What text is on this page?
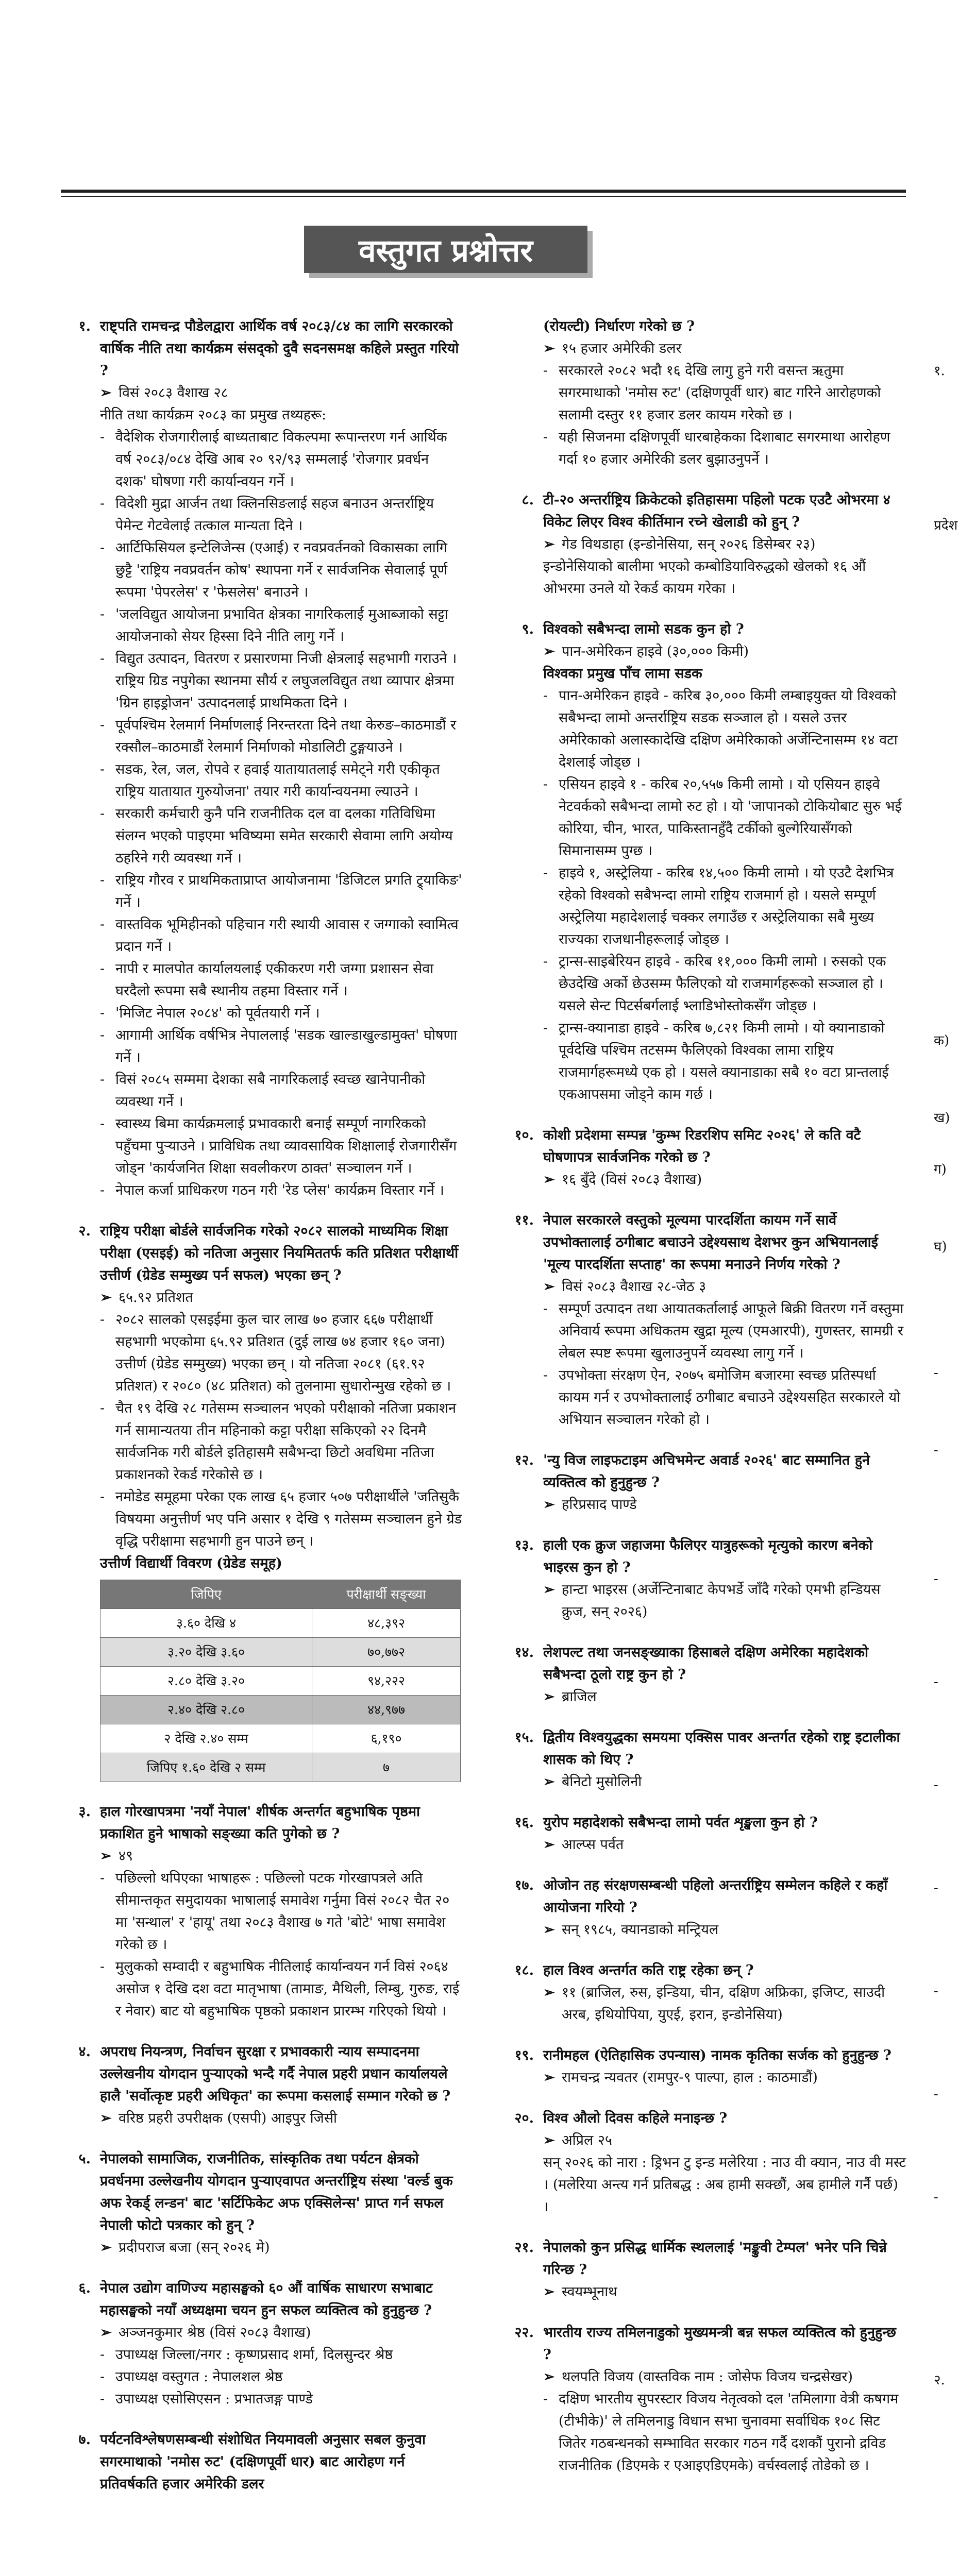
वस्तुगत प्रश्नोत्तर
१. राष्ट्पति रामचन्द्र पौडेलद्वारा आर्थिक वर्ष २०८३/८४ का लागि सरकारको वार्षिक नीति तथा कार्यक्रम संसद्‌को दुवै सदनसमक्ष कहिले प्रस्तुत गरियो ?
➢ विसं २०८३ वैशाख २८
नीति तथा कार्यक्रम २०८३ का प्रमुख तथ्यहरू:
- वैदेशिक रोजगारीलाई बाध्यताबाट विकल्पमा रूपान्तरण गर्न आर्थिक वर्ष २०८३/०८४ देखि आब २० ९२/९३ सम्मलाई 'रोजगार प्रवर्धन दशक' घोषणा गरी कार्यान्वयन गर्ने ।
- विदेशी मुद्रा आर्जन तथा क्लिनसिङलाई सहज बनाउन अन्तर्राष्ट्रिय पेमेन्ट गेटवेलाई तत्काल मान्यता दिने ।
- आर्टिफिसियल इन्टेलिजेन्स (एआई) र नवप्रवर्तनको विकासका लागि छुट्टै 'राष्ट्रिय नवप्रवर्तन कोष' स्थापना गर्ने र सार्वजनिक सेवालाई पूर्ण रूपमा 'पेपरलेस' र 'फेसलेस' बनाउने ।
- 'जलविद्युत आयोजना प्रभावित क्षेत्रका नागरिकलाई मुआब्जाको सट्टा आयोजनाको सेयर हिस्सा दिने नीति लागु गर्ने ।
- विद्युत उत्पादन, वितरण र प्रसारणमा निजी क्षेत्रलाई सहभागी गराउने । राष्ट्रिय ग्रिड नपुगेका स्थानमा सौर्य र लघुजलविद्युत तथा व्यापार क्षेत्रमा 'ग्रिन हाइड्रोजन' उत्पादनलाई प्राथमिकता दिने ।
- पूर्वपश्चिम रेलमार्ग निर्माणलाई निरन्तरता दिने तथा केरुङ–काठमाडौं र रक्सौल–काठमाडौं रेलमार्ग निर्माणको मोडालिटी टुङ्गयाउने ।
- सडक, रेल, जल, रोपवे र हवाई यातायातलाई समेट्ने गरी एकीकृत राष्ट्रिय यातायात गुरुयोजना' तयार गरी कार्यान्वयनमा ल्याउने ।
- सरकारी कर्मचारी कुनै पनि राजनीतिक दल वा दलका गतिविधिमा संलग्न भएको पाइएमा भविष्यमा समेत सरकारी सेवामा लागि अयोग्य ठहरिने गरी व्यवस्था गर्ने ।
- राष्ट्रिय गौरव र प्राथमिकताप्राप्त आयोजनामा 'डिजिटल प्रगति ट्र्याकिङ' गर्ने ।
- वास्तविक भूमिहीनको पहिचान गरी स्थायी आवास र जग्गाको स्वामित्व प्रदान गर्ने ।
- नापी र मालपोत कार्यालयलाई एकीकरण गरी जग्गा प्रशासन सेवा घरदैलो रूपमा सबै स्थानीय तहमा विस्तार गर्ने ।
- 'मिजिट नेपाल २०८४' को पूर्वतयारी गर्ने ।
- आगामी आर्थिक वर्षभित्र नेपाललाई 'सडक खाल्डाखुल्डामुक्त' घोषणा गर्ने ।
- विसं २०८५ सम्ममा देशका सबै नागरिकलाई स्वच्छ खानेपानीको व्यवस्था गर्ने ।
- स्वास्थ्य बिमा कार्यक्रमलाई प्रभावकारी बनाई सम्पूर्ण नागरिकको पहुँचमा पुऱ्याउने । प्राविधिक तथा व्यावसायिक शिक्षालाई रोजगारीसँग जोड्न 'कार्यजनित शिक्षा सवलीकरण ठाक्त' सञ्चालन गर्ने ।
- नेपाल कर्जा प्राधिकरण गठन गरी 'रेड प्लेस' कार्यक्रम विस्तार गर्ने ।
२. राष्ट्रिय परीक्षा बोर्डले सार्वजनिक गरेको २०८२ सालको माध्यमिक शिक्षा परीक्षा (एसइई) को नतिजा अनुसार नियमिततर्फ कति प्रतिशत परीक्षार्थी उत्तीर्ण (ग्रेडेड सम्मुख्य पर्न सफल) भएका छन् ?
➢ ६५.९२ प्रतिशत
- २०८२ सालको एसइईमा कुल चार लाख ७० हजार ६६७ परीक्षार्थी सहभागी भएकोमा ६५.९२ प्रतिशत (दुई लाख ७४ हजार १६० जना) उत्तीर्ण (ग्रेडेड सम्मुख्य) भएका छन् । यो नतिजा २०८१ (६१.९२ प्रतिशत) र २०८० (४८ प्रतिशत) को तुलनामा सुधारोन्मुख रहेको छ ।
- चैत १९ देखि २८ गतेसम्म सञ्चालन भएको परीक्षाको नतिजा प्रकाशन गर्न सामान्यतया तीन महिनाको कट्टा परीक्षा सकिएको २२ दिनमै सार्वजनिक गरी बोर्डले इतिहासमै सबैभन्दा छिटो अवधिमा नतिजा प्रकाशनको रेकर्ड गरेकोसे छ ।
- नमोडेड समूहमा परेका एक लाख ६५ हजार ५०७ परीक्षार्थीले 'जतिसुकै विषयमा अनुत्तीर्ण भए पनि असार १ देखि ९ गतेसम्म सञ्चालन हुने ग्रेड वृद्धि परीक्षामा सहभागी हुन पाउने छन् ।
उत्तीर्ण विद्यार्थी विवरण (ग्रेडेड समूह)
जिपिए	परीक्षार्थी सङ्ख्या
३.६० देखि ४	४८,३९२
३.२० देखि ३.६०	७०,७७२
२.८० देखि ३.२०	९४,२२२
२.४० देखि २.८०	४४,९७७
२ देखि २.४० सम्म	६,१९०
जिपिए १.६० देखि २ सम्म	७
३. हाल गोरखापत्रमा 'नयाँ नेपाल' शीर्षक अन्तर्गत बहुभाषिक पृष्ठमा प्रकाशित हुने भाषाको सङ्ख्या कति पुगेको छ ?
➢ ४९
- पछिल्लो थपिएका भाषाहरू : पछिल्लो पटक गोरखापत्रले अति सीमान्तकृत समुदायका भाषालाई समावेश गर्नुमा विसं २०८२ चैत २० मा 'सन्थाल' र 'हायू' तथा २०८३ वैशाख ७ गते 'बोटे' भाषा समावेश गरेको छ ।
- मुलुकको सम्वादी र बहुभाषिक नीतिलाई कार्यान्वयन गर्न विसं २०६४ असोज १ देखि दश वटा मातृभाषा (तामाङ, मैथिली, लिम्बु, गुरुङ, राई र नेवार) बाट यो बहुभाषिक पृष्ठको प्रकाशन प्रारम्भ गरिएको थियो ।
४. अपराध नियन्त्रण, निर्वाचन सुरक्षा र प्रभावकारी न्याय सम्पादनमा उल्लेखनीय योगदान पुऱ्याएको भन्दै गर्दै नेपाल प्रहरी प्रधान कार्यालयले हालै 'सर्वोत्कृष्ट प्रहरी अधिकृत' का रूपमा कसलाई सम्मान गरेको छ ?
➢ वरिष्ठ प्रहरी उपरीक्षक (एसपी) आइपुर जिसी
५. नेपालको सामाजिक, राजनीतिक, सांस्कृतिक तथा पर्यटन क्षेत्रको प्रवर्धनमा उल्लेखनीय योगदान पुऱ्याएवापत अन्तर्राष्ट्रिय संस्था 'वर्ल्ड बुक अफ रेकर्ड् लन्डन' बाट 'सर्टिफिकेट अफ एक्सिलेन्स' प्राप्त गर्न सफल नेपाली फोटो पत्रकार को हुन् ?
➢ प्रदीपराज बजा (सन् २०२६ मे)
६. नेपाल उद्योग वाणिज्य महासङ्घको ६० औं वार्षिक साधारण सभाबाट महासङ्घको नयाँ अध्यक्षमा चयन हुन सफल व्यक्तित्व को हुनुहुन्छ ?
➢ अञ्जनकुमार श्रेष्ठ (विसं २०८३ वैशाख)
- उपाध्यक्ष जिल्ला/नगर : कृष्णप्रसाद शर्मा, दिलसुन्दर श्रेष्ठ
- उपाध्यक्ष वस्तुगत : नेपालशल श्रेष्ठ
- उपाध्यक्ष एसोसिएसन : प्रभातजङ्ग पाण्डे
७. पर्यटनविश्लेषणसम्बन्धी संशोधित नियमावली अनुसार सबल कुनुवा सगरमाथाको 'नमोस रुट' (दक्षिणपूर्वी धार) बाट आरोहण गर्न प्रतिवर्षकति हजार अमेरिकी डलर
(रोयल्टी) निर्धारण गरेको छ ?
➢ १५ हजार अमेरिकी डलर
- सरकारले २०८२ भदौ १६ देखि लागु हुने गरी वसन्त ऋतुमा सगरमाथाको 'नमोस रुट' (दक्षिणपूर्वी धार) बाट गरिने आरोहणको सलामी दस्तुर ११ हजार डलर कायम गरेको छ ।
- यही सिजनमा दक्षिणपूर्वी धारबाहेकका दिशाबाट सगरमाथा आरोहण गर्दा १० हजार अमेरिकी डलर बुझाउनुपर्ने ।
८. टी-२० अन्तर्राष्ट्रिय क्रिकेटको इतिहासमा पहिलो पटक एउटै ओभरमा ४ विकेट लिएर विश्व कीर्तिमान रच्ने खेलाडी को हुन् ?
➢ गेड विथडाहा (इन्डोनेसिया, सन् २०२६ डिसेम्बर २३)
इन्डोनेसियाको बालीमा भएको कम्बोडियाविरुद्धको खेलको १६ औं ओभरमा उनले यो रेकर्ड कायम गरेका ।
९. विश्वको सबैभन्दा लामो सडक कुन हो ?
➢ पान-अमेरिकन हाइवे (३०,००० किमी)
विश्वका प्रमुख पाँच लामा सडक
- पान-अमेरिकन हाइवे - करिब ३०,००० किमी लम्बाइयुक्त यो विश्वको सबैभन्दा लामो अन्तर्राष्ट्रिय सडक सञ्जाल हो । यसले उत्तर अमेरिकाको अलास्कादेखि दक्षिण अमेरिकाको अर्जेन्टिनासम्म १४ वटा देशलाई जोड्छ ।
- एसियन हाइवे १ - करिब २०,५५७ किमी लामो । यो एसियन हाइवे नेटवर्कको सबैभन्दा लामो रुट हो । यो 'जापानको टोकियोबाट सुरु भई कोरिया, चीन, भारत, पाकिस्तानहुँदै टर्कीको बुल्गेरियासँगको सिमानासम्म पुग्छ ।
- हाइवे १, अस्ट्रेलिया - करिब १४,५०० किमी लामो । यो एउटै देशभित्र रहेको विश्वको सबैभन्दा लामो राष्ट्रिय राजमार्ग हो । यसले सम्पूर्ण अस्ट्रेलिया महादेशलाई चक्कर लगाउँछ र अस्ट्रेलियाका सबै मुख्य राज्यका राजधानीहरूलाई जोड्छ ।
- ट्रान्स-साइबेरियन हाइवे - करिब ११,००० किमी लामो । रुसको एक छेउदेखि अर्को छेउसम्म फैलिएको यो राजमार्गहरूको सञ्जाल हो । यसले सेन्ट पिटर्सबर्गलाई भ्लाडिभोस्तोकसँग जोड्छ ।
- ट्रान्स-क्यानाडा हाइवे - करिब ७,८२१ किमी लामो । यो क्यानाडाको पूर्वदेखि पश्चिम तटसम्म फैलिएको विश्वका लामा राष्ट्रिय राजमार्गहरूमध्ये एक हो । यसले क्यानाडाका सबै १० वटा प्रान्तलाई एकआपसमा जोड्ने काम गर्छ ।
१०. कोशी प्रदेशमा सम्पन्न 'कुम्भ रिडरशिप समिट २०२६' ले कति वटै घोषणापत्र सार्वजनिक गरेको छ ?
➢ १६ बुँदे (विसं २०८३ वैशाख)
११. नेपाल सरकारले वस्तुको मूल्यमा पारदर्शिता कायम गर्ने सार्वे उपभोक्तालाई ठगीबाट बचाउने उद्देश्यसाथ देशभर कुन अभियानलाई 'मूल्य पारदर्शिता सप्ताह' का रूपमा मनाउने निर्णय गरेको ?
➢ विसं २०८३ वैशाख २८-जेठ ३
- सम्पूर्ण उत्पादन तथा आयातकर्तालाई आफूले बिक्री वितरण गर्ने वस्तुमा अनिवार्य रूपमा अधिकतम खुद्रा मूल्य (एमआरपी), गुणस्तर, सामग्री र लेबल स्पष्ट रूपमा खुलाउनुपर्ने व्यवस्था लागु गर्ने ।
- उपभोक्ता संरक्षण ऐन, २०७५ बमोजिम बजारमा स्वच्छ प्रतिस्पर्धा कायम गर्न र उपभोक्तालाई ठगीबाट बचाउने उद्देश्यसहित सरकारले यो अभियान सञ्चालन गरेको हो ।
१२. 'न्यु विज लाइफटाइम अचिभमेन्ट अवार्ड २०२६' बाट सम्मानित हुने व्यक्तित्व को हुनुहुन्छ ?
➢ हरिप्रसाद पाण्डे
१३. हाली एक क्रुज जहाजमा फैलिएर यात्रुहरूको मृत्युको कारण बनेको भाइरस कुन हो ?
➢ हान्टा भाइरस (अर्जेन्टिनाबाट केपभर्डे जाँदै गरेको एमभी हन्डियस क्रुज, सन् २०२६)
१४. लेशपल्ट तथा जनसङ्ख्याका हिसाबले दक्षिण अमेरिका महादेशको सबैभन्दा ठूलो राष्ट्र कुन हो ?
➢ ब्राजिल
१५. द्वितीय विश्वयुद्धका समयमा एक्सिस पावर अन्तर्गत रहेको राष्ट्र इटालीका शासक को थिए ?
➢ बेनिटो मुसोलिनी
१६. युरोप महादेशको सबैभन्दा लामो पर्वत शृङ्खला कुन हो ?
➢ आल्प्स पर्वत
१७. ओजोन तह संरक्षणसम्बन्धी पहिलो अन्तर्राष्ट्रिय सम्मेलन कहिले र कहाँ आयोजना गरियो ?
➢ सन् १९८५, क्यानडाको मन्ट्रियल
१८. हाल विश्व अन्तर्गत कति राष्ट्र रहेका छन् ?
➢ ११ (ब्राजिल, रुस, इन्डिया, चीन, दक्षिण अफ्रिका, इजिप्ट, साउदी अरब, इथियोपिया, युएई, इरान, इन्डोनेसिया)
१९. रानीमहल (ऐतिहासिक उपन्यास) नामक कृतिका सर्जक को हुनुहुन्छ ?
➢ रामचन्द्र न्यवतर (रामपुर-९ पाल्पा, हाल : काठमाडौं)
२०. विश्व औलो दिवस कहिले मनाइन्छ ?
➢ अप्रिल २५
सन् २०२६ को नारा : ड्रिभन टु इन्ड मलेरिया : नाउ वी क्यान, नाउ वी मस्ट । (मलेरिया अन्त्य गर्न प्रतिबद्ध : अब हामी सक्छौं, अब हामीले गर्नै पर्छ) ।
२१. नेपालको कुन प्रसिद्ध धार्मिक स्थललाई 'मङ्कुवी टेम्पल' भनेर पनि चिन्ने गरिन्छ ?
➢ स्वयम्भूनाथ
२२. भारतीय राज्य तमिलनाडुको मुख्यमन्त्री बन्न सफल व्यक्तित्व को हुनुहुन्छ ?
➢ थलपति विजय (वास्तविक नाम : जोसेफ विजय चन्द्रसेखर)
- दक्षिण भारतीय सुपरस्टार विजय नेतृत्वको दल 'तमिलागा वेत्री कषगम (टीभीके)' ले तमिलनाडु विधान सभा चुनावमा सर्वाधिक १०८ सिट जितेर गठबन्धनको सम्भावित सरकार गठन गर्दै दशकौं पुरानो द्रविड राजनीतिक (डिएमके र एआइएडिएमके) वर्चस्वलाई तोडेको छ ।
१.
प्रदेश
क)
ख)
ग)
घ)
-
-
-
-
-
-
-
-
-
२.
